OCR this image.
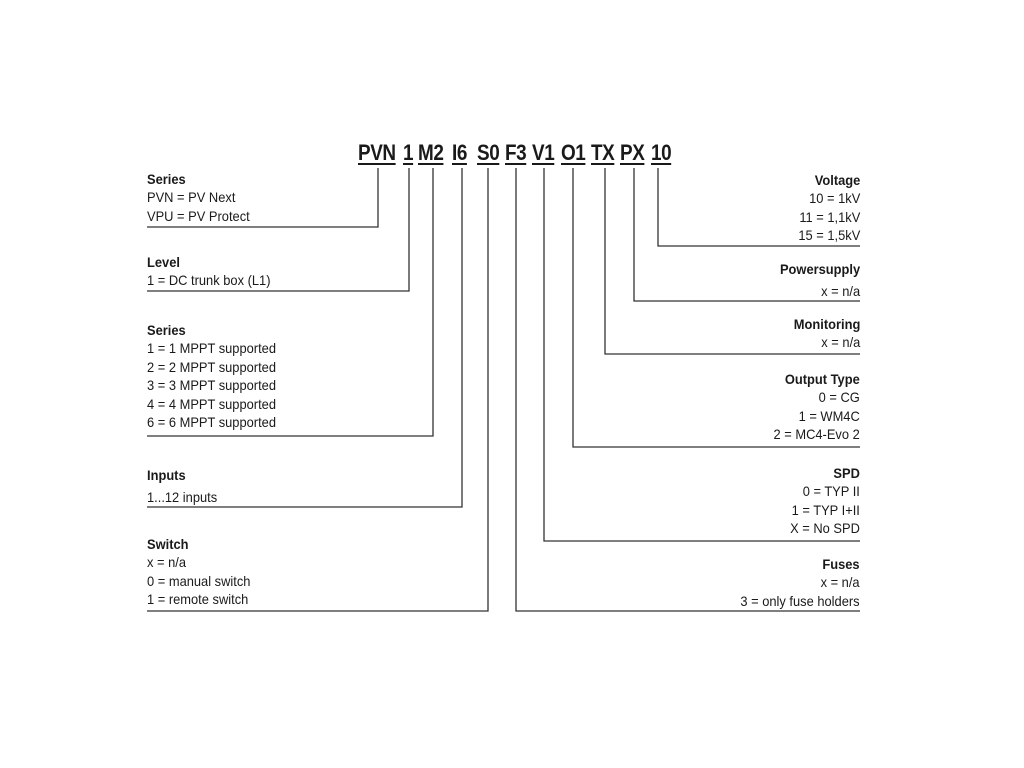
PVN 1 M2 I6 S0 F3 V1 O1 TX PX 10
Series
PVN = PV Next
VPU = PV Protect
Level
1 = DC trunk box (L1)
Series
1 = 1 MPPT supported
2 = 2 MPPT supported
3 = 3 MPPT supported
4 = 4 MPPT supported
6 = 6 MPPT supported
Inputs
1...12 inputs
Switch
x = n/a
0 = manual switch
1 = remote switch
Voltage
10 = 1kV
11 = 1,1kV
15 = 1,5kV
Powersupply
x = n/a
Monitoring
x = n/a
Output Type
0 = CG
1 = WM4C
2 = MC4-Evo 2
SPD
0 = TYP II
1 = TYP I+II
X = No SPD
Fuses
x = n/a
3 = only fuse holders
